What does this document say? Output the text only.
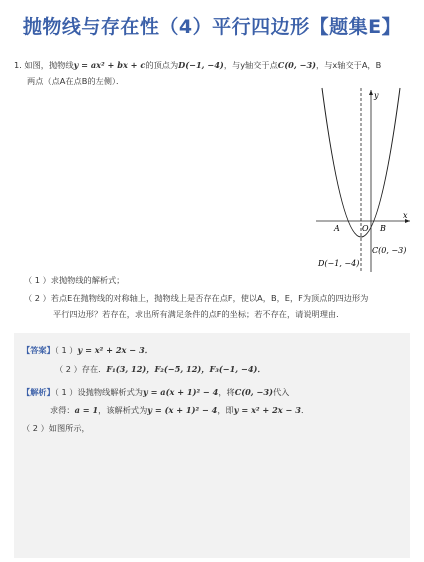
抛物线与存在性（4）平行四边形【题集E】
1. 如图，抛物线y = ax² + bx + c的顶点为D(−1, −4)，与y轴交于点C(0, −3)，与x轴交于A，B
两点（点A在点B的左侧）．
y
x
A	O B
C(0, −3)
D(−1, −4)
（ 1 ）求抛物线的解析式；
（ 2 ）若点E在抛物线的对称轴上，抛物线上是否存在点F，使以A，B，E，F为顶点的四边形为
平行四边形？若存在，求出所有满足条件的点F的坐标；若不存在，请说明理由．
【答案】（ 1 ）y = x² + 2x − 3．
（ 2 ）存在．F₁(3, 12)，F₂(−5, 12)，F₃(−1, −4)．
【解析】（ 1 ）设抛物线解析式为y = a(x + 1)² − 4，将C(0, −3)代入
求得：a = 1，该解析式为y = (x + 1)² − 4，即y = x² + 2x − 3．
（ 2 ）如图所示，
